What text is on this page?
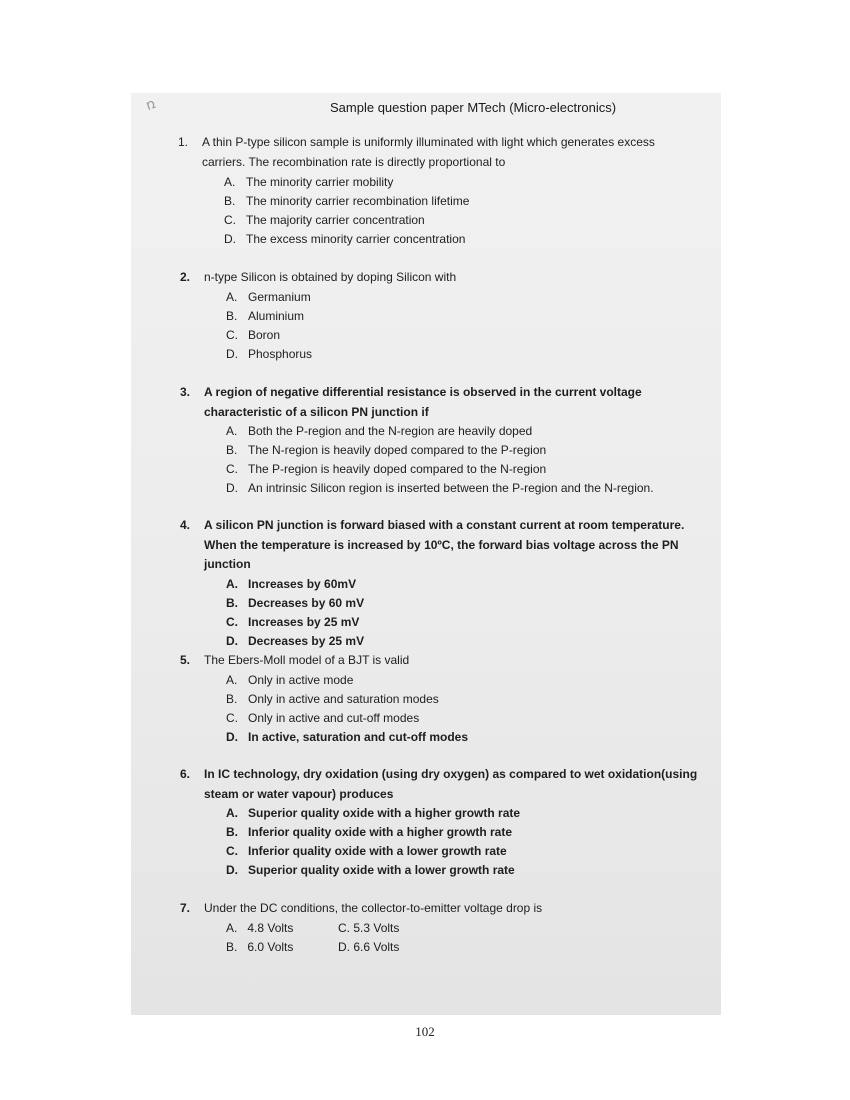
ռ	Sample question paper MTech (Micro-electronics)
1.	A thin P-type silicon sample is uniformly illuminated with light which generates excess carriers. The recombination rate is directly proportional to
A. The minority carrier mobility
B. The minority carrier recombination lifetime
C. The majority carrier concentration
D. The excess minority carrier concentration
2.	n-type Silicon is obtained by doping Silicon with
A. Germanium
B. Aluminium
C. Boron
D. Phosphorus
3.	A region of negative differential resistance is observed in the current voltage characteristic of a silicon PN junction if
A. Both the P-region and the N-region are heavily doped
B. The N-region is heavily doped compared to the P-region
C. The P-region is heavily doped compared to the N-region
D. An intrinsic Silicon region is inserted between the P-region and the N-region.
4.	A silicon PN junction is forward biased with a constant current at room temperature. When the temperature is increased by 10ºC, the forward bias voltage across the PN junction
A. Increases by 60mV
B. Decreases by 60 mV
C. Increases by 25 mV
D. Decreases by 25 mV
5.	The Ebers-Moll model of a BJT is valid
A. Only in active mode
B. Only in active and saturation modes
C. Only in active and cut-off modes
D. In active, saturation and cut-off modes
6.	In IC technology, dry oxidation (using dry oxygen) as compared to wet oxidation(using steam or water vapour) produces
A. Superior quality oxide with a higher growth rate
B. Inferior quality oxide with a higher growth rate
C. Inferior quality oxide with a lower growth rate
D. Superior quality oxide with a lower growth rate
7.	Under the DC conditions, the collector-to-emitter voltage drop is
A. 4.8 Volts	C. 5.3 Volts
B. 6.0 Volts	D. 6.6 Volts
102
